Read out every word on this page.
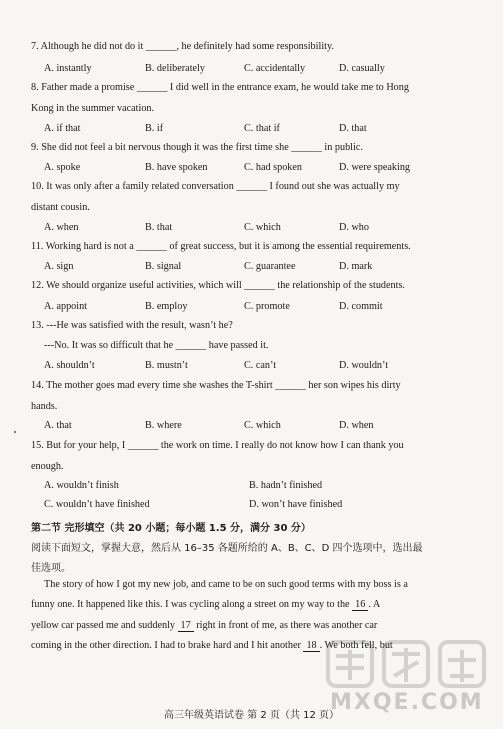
7. Although he did not do it ______, he definitely had some responsibility.
A. instantly	B. deliberately	C. accidentally	D. casually
8. Father made a promise ______ I did well in the entrance exam, he would take me to Hong
Kong in the summer vacation.
A. if that	B. if	C. that if	D. that
9. She did not feel a bit nervous though it was the first time she ______ in public.
A. spoke	B. have spoken	C. had spoken	D. were speaking
10. It was only after a family related conversation ______ I found out she was actually my
distant cousin.
A. when	B. that	C. which	D. who
11. Working hard is not a ______ of great success, but it is among the essential requirements.
A. sign	B. signal	C. guarantee	D. mark
12. We should organize useful activities, which will ______ the relationship of the students.
A. appoint	B. employ	C. promote	D. commit
13. ---He was satisfied with the result, wasn’t he?
---No. It was so difficult that he ______ have passed it.
A. shouldn’t	B. mustn’t	C. can’t	D. wouldn’t
14. The mother goes mad every time she washes the T-shirt ______ her son wipes his dirty
hands.
A. that	B. where	C. which	D. when
15. But for your help, I ______ the work on time. I really do not know how I can thank you
enough.
A. wouldn’t finish	B. hadn’t finished
C. wouldn’t have finished	D. won’t have finished
第二节 完形填空（共 20 小题；每小题 1.5 分，满分 30 分）
阅读下面短文，掌握大意，然后从 16–35 各题所给的 A、B、C、D 四个选项中，选出最
佳选项。
The story of how I got my new job, and came to be on such good terms with my boss is a
funny one. It happened like this. I was cycling along a street on my way to the 16 . A
yellow car passed me and suddenly 17 right in front of me, as there was another car
coming in the other direction. I had to brake hard and I hit another 18 . We both fell, but
MXQE.COM
高三年级英语试卷 第 2 页（共 12 页）
